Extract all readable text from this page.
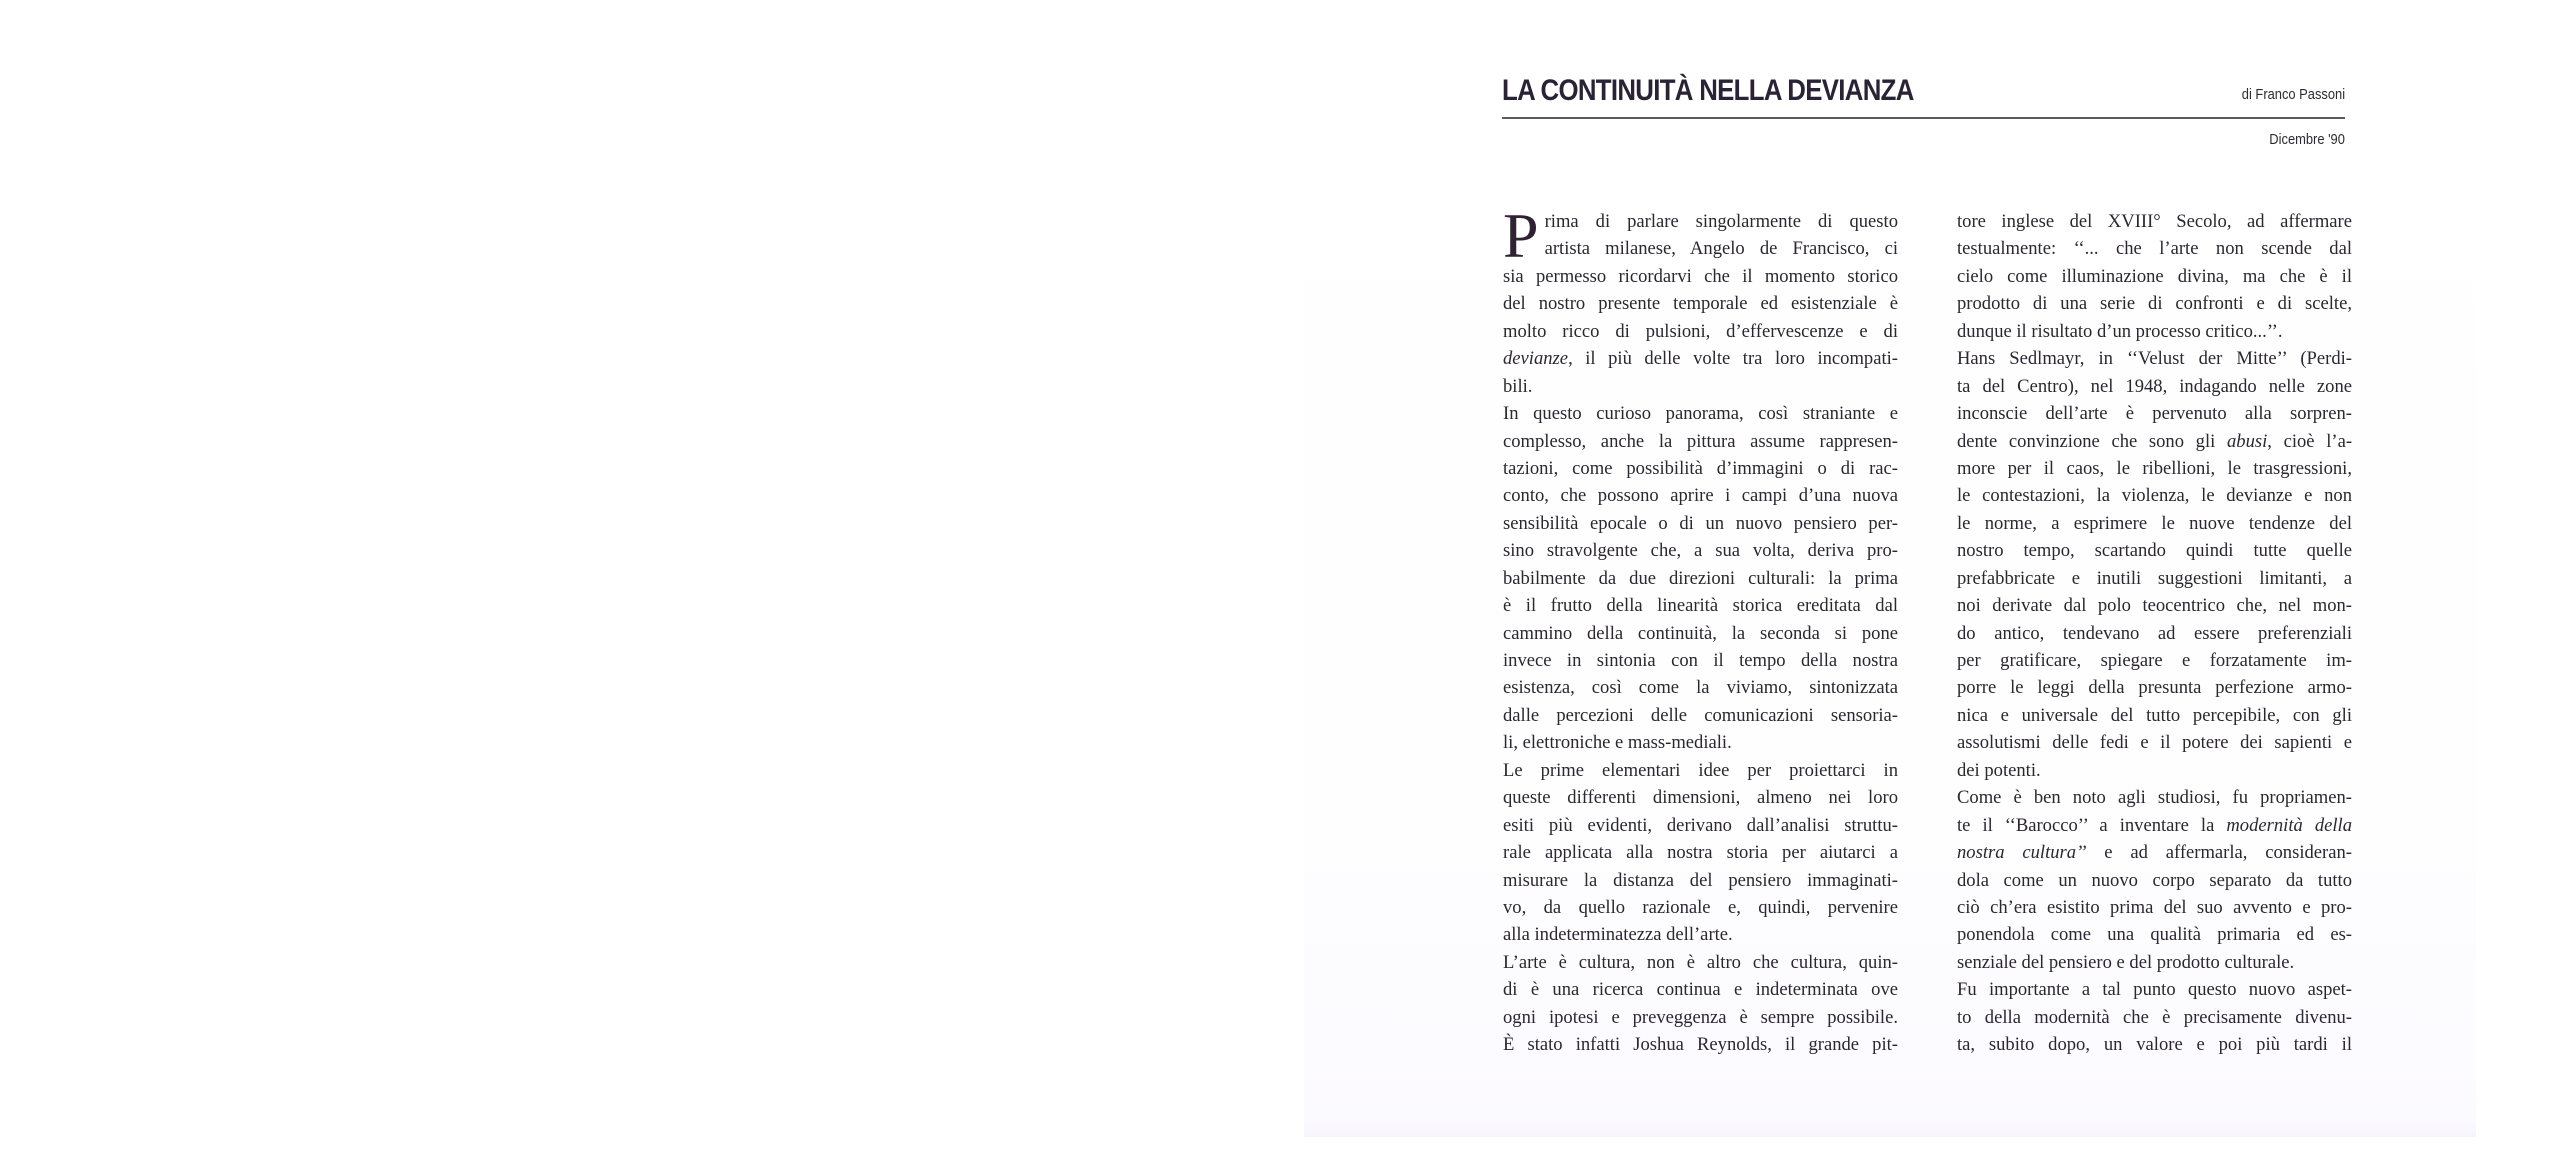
LA CONTINUITÀ NELLA DEVIANZA	di Franco Passoni
Dicembre '90
P rima di parlare singolarmente di questo
artista milanese, Angelo de Francisco, ci
sia permesso ricordarvi che il momento storico
del nostro presente temporale ed esistenziale è
molto ricco di pulsioni, d’effervescenze e di
devianze, il più delle volte tra loro incompati-
bili.
In questo curioso panorama, così straniante e
complesso, anche la pittura assume rappresen-
tazioni, come possibilità d’immagini o di rac-
conto, che possono aprire i campi d’una nuova
sensibilità epocale o di un nuovo pensiero per-
sino stravolgente che, a sua volta, deriva pro-
babilmente da due direzioni culturali: la prima
è il frutto della linearità storica ereditata dal
cammino della continuità, la seconda si pone
invece in sintonia con il tempo della nostra
esistenza, così come la viviamo, sintonizzata
dalle percezioni delle comunicazioni sensoria-
li, elettroniche e mass-mediali.
Le prime elementari idee per proiettarci in
queste differenti dimensioni, almeno nei loro
esiti più evidenti, derivano dall’analisi struttu-
rale applicata alla nostra storia per aiutarci a
misurare la distanza del pensiero immaginati-
vo, da quello razionale e, quindi, pervenire
alla indeterminatezza dell’arte.
L’arte è cultura, non è altro che cultura, quin-
di è una ricerca continua e indeterminata ove
ogni ipotesi e preveggenza è sempre possibile.
È stato infatti Joshua Reynolds, il grande pit-
tore inglese del XVIII° Secolo, ad affermare
testualmente: ‘‘... che l’arte non scende dal
cielo come illuminazione divina, ma che è il
prodotto di una serie di confronti e di scelte,
dunque il risultato d’un processo critico...’’.
Hans Sedlmayr, in ‘‘Velust der Mitte’’ (Perdi-
ta del Centro), nel 1948, indagando nelle zone
inconscie dell’arte è pervenuto alla sorpren-
dente convinzione che sono gli abusi, cioè l’a-
more per il caos, le ribellioni, le trasgressioni,
le contestazioni, la violenza, le devianze e non
le norme, a esprimere le nuove tendenze del
nostro tempo, scartando quindi tutte quelle
prefabbricate e inutili suggestioni limitanti, a
noi derivate dal polo teocentrico che, nel mon-
do antico, tendevano ad essere preferenziali
per gratificare, spiegare e forzatamente im-
porre le leggi della presunta perfezione armo-
nica e universale del tutto percepibile, con gli
assolutismi delle fedi e il potere dei sapienti e
dei potenti.
Come è ben noto agli studiosi, fu propriamen-
te il ‘‘Barocco’’ a inventare la modernità della
nostra cultura’’ e ad affermarla, consideran-
dola come un nuovo corpo separato da tutto
ciò ch’era esistito prima del suo avvento e pro-
ponendola come una qualità primaria ed es-
senziale del pensiero e del prodotto culturale.
Fu importante a tal punto questo nuovo aspet-
to della modernità che è precisamente divenu-
ta, subito dopo, un valore e poi più tardi il
